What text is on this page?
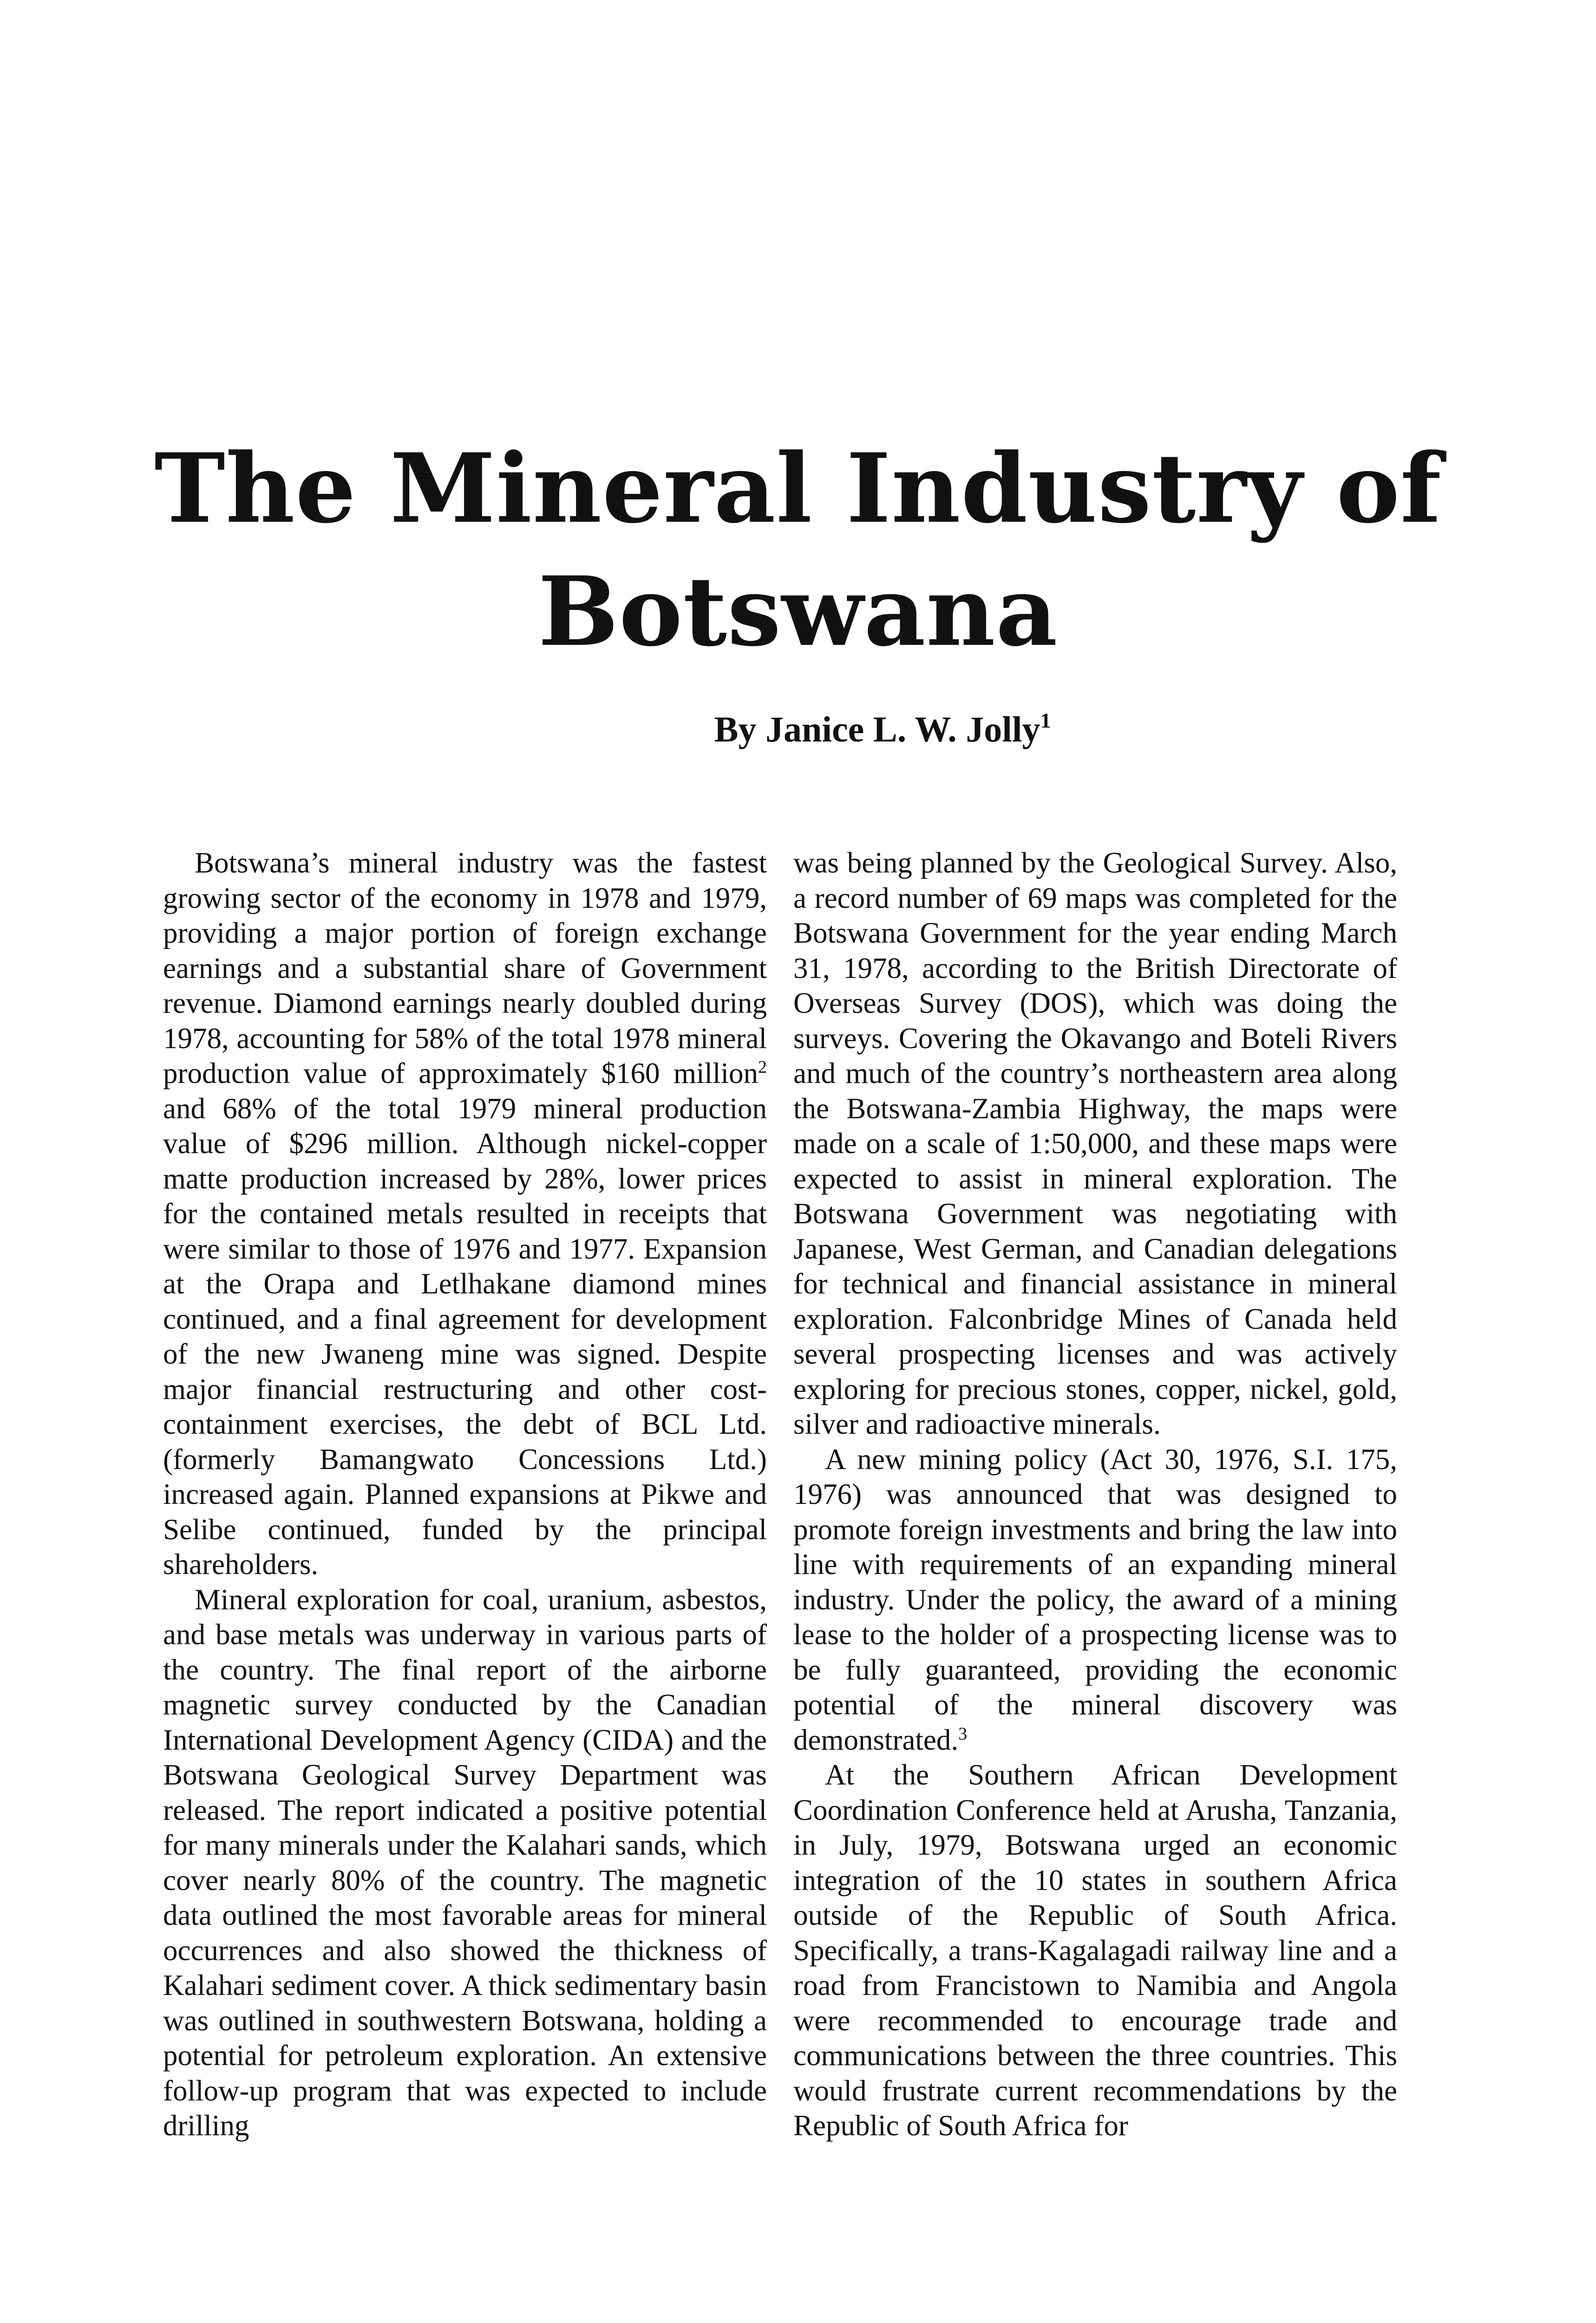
The Mineral Industry of
Botswana

By Janice L. W. Jolly$^1$

Botswana’s mineral industry was the fastest growing sector of the economy in 1978 and 1979, providing a major portion of foreign exchange earnings and a substantial share of Government revenue. Diamond earnings nearly doubled during 1978, accounting for 58% of the total 1978 mineral production value of approximately $160 million$^2$ and 68% of the total 1979 mineral production value of $296 million. Although nickel-copper matte production increased by 28%, lower prices for the contained metals resulted in receipts that were similar to those of 1976 and 1977. Expansion at the Orapa and Letlhakane diamond mines continued, and a final agreement for development of the new Jwaneng mine was signed. Despite major financial restructuring and other cost-containment exercises, the debt of BCL Ltd. (formerly Bamangwato Concessions Ltd.) increased again. Planned expansions at Pikwe and Selibe continued, funded by the principal shareholders.

Mineral exploration for coal, uranium, asbestos, and base metals was underway in various parts of the country. The final report of the airborne magnetic survey conducted by the Canadian International Development Agency (CIDA) and the Botswana Geological Survey Department was released. The report indicated a positive potential for many minerals under the Kalahari sands, which cover nearly 80% of the country. The magnetic data outlined the most favorable areas for mineral occurrences and also showed the thickness of Kalahari sediment cover. A thick sedimentary basin was outlined in southwestern Botswana, holding a potential for petroleum exploration. An extensive follow-up program that was expected to include drilling

was being planned by the Geological Survey. Also, a record number of 69 maps was completed for the Botswana Government for the year ending March 31, 1978, according to the British Directorate of Overseas Survey (DOS), which was doing the surveys. Covering the Okavango and Boteli Rivers and much of the country’s northeastern area along the Botswana-Zambia Highway, the maps were made on a scale of 1:50,000, and these maps were expected to assist in mineral exploration. The Botswana Government was negotiating with Japanese, West German, and Canadian delegations for technical and financial assistance in mineral exploration. Falconbridge Mines of Canada held several prospecting licenses and was actively exploring for precious stones, copper, nickel, gold, silver and radioactive minerals.

A new mining policy (Act 30, 1976, S.I. 175, 1976) was announced that was designed to promote foreign investments and bring the law into line with requirements of an expanding mineral industry. Under the policy, the award of a mining lease to the holder of a prospecting license was to be fully guaranteed, providing the economic potential of the mineral discovery was demonstrated.$^3$

At the Southern African Development Coordination Conference held at Arusha, Tanzania, in July, 1979, Botswana urged an economic integration of the 10 states in southern Africa outside of the Republic of South Africa. Specifically, a trans-Kagalagadi railway line and a road from Francistown to Namibia and Angola were recommended to encourage trade and communications between the three countries. This would frustrate current recommendations by the Republic of South Africa for
